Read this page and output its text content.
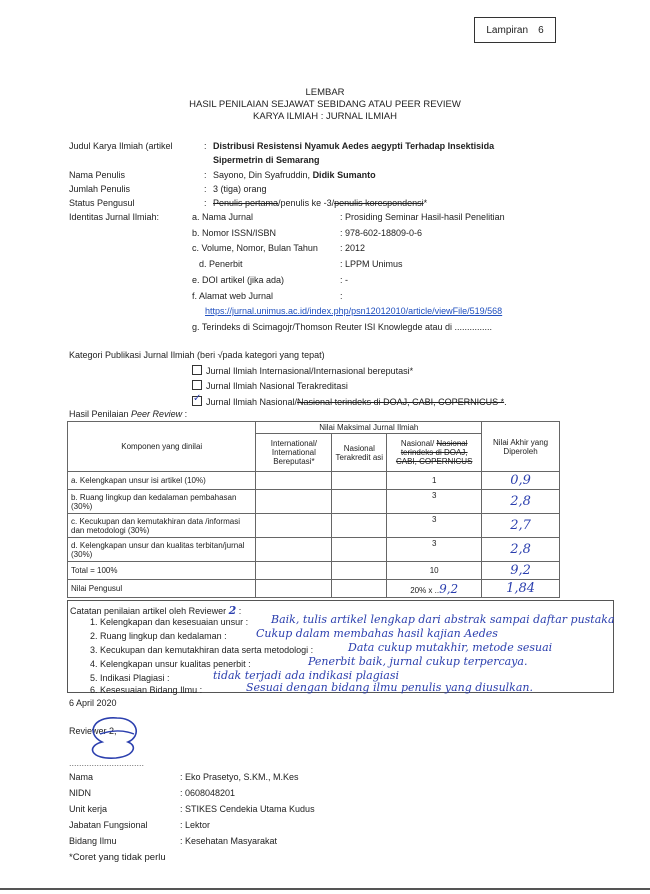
Lampiran 6
LEMBAR
HASIL PENILAIAN SEJAWAT SEBIDANG ATAU PEER REVIEW
KARYA ILMIAH : JURNAL ILMIAH
Judul Karya Ilmiah (artikel	: Distribusi Resistensi Nyamuk Aedes aegypti Terhadap Insektisida
Sipermetrin di Semarang
Nama Penulis	: Sayono, Din Syafruddin, Didik Sumanto
Jumlah Penulis	: 3 (tiga) orang
Status Pengusul	: Penulis pertama/penulis ke -3/penulis korespondensi*
Identitas Jurnal Ilmiah:	a. Nama Jurnal	: Prosiding Seminar Hasil-hasil Penelitian
b. Nomor ISSN/ISBN	: 978-602-18809-0-6
c. Volume, Nomor, Bulan Tahun : 2012
d. Penerbit	: LPPM Unimus
e. DOI artikel (jika ada)	: -
f. Alamat web Jurnal	:
https://jurnal.unimus.ac.id/index.php/psn12012010/article/viewFile/519/568
g. Terindeks di Scimagojr/Thomson Reuter ISI Knowlegde atau di ...............
Kategori Publikasi Jurnal Ilmiah (beri √pada kategori yang tepat)
Jurnal Ilmiah Internasional/Internasional bereputasi*
Jurnal Ilmiah Nasional Terakreditasi
✓Jurnal Ilmiah Nasional/Nasional terindeks di DOAJ, CABI, COPERNICUS *.
Hasil Penilaian Peer Review :
Komponen yang dinilai	Nilai Maksimal Jurnal Ilmiah			Nilai Akhir yang Diperoleh
	International/ International Bereputasi*	Nasional Terakredit asi	Nasional/ Nasional terindeks di DOAJ, CABI, COPERNICUS	
a. Kelengkapan unsur isi artikel (10%)			1	0,9
b. Ruang lingkup dan kedalaman pembahasan (30%)			3	2,8
c. Kecukupan dan kemutakhiran data /informasi dan metodologi (30%)			3	2,7
d. Kelengkapan unsur dan kualitas terbitan/jurnal (30%)			3	2,8
Total = 100%			10	9,2
Nilai Pengusul			20% x ..9,2	1,84
Catatan penilaian artikel oleh Reviewer 2 :
1. Kelengkapan dan kesesuaian unsur : Baik, tulis artikel lengkap dari abstrak sampai daftar pustaka
2. Ruang lingkup dan kedalaman :	Cukup dalam membahas hasil kajian Aedes
3. Kecukupan dan kemutakhiran data serta metodologi :	Data cukup mutakhir, metode sesuai
4. Kelengkapan unsur kualitas penerbit :	Penerbit baik, jurnal cukup terpercaya.
5. Indikasi Plagiasi :	tidak terjadi ada indikasi plagiasi
6. Kesesuaian Bidang Ilmu :	Sesuai dengan bidang ilmu penulis yang diusulkan.
6 April 2020
Reviewer 2,
..............................
Nama	: Eko Prasetyo, S.KM., M.Kes
NIDN	: 0608048201
Unit kerja	: STIKES Cendekia Utama Kudus
Jabatan Fungsional	: Lektor
Bidang Ilmu	: Kesehatan Masyarakat
*Coret yang tidak perlu
